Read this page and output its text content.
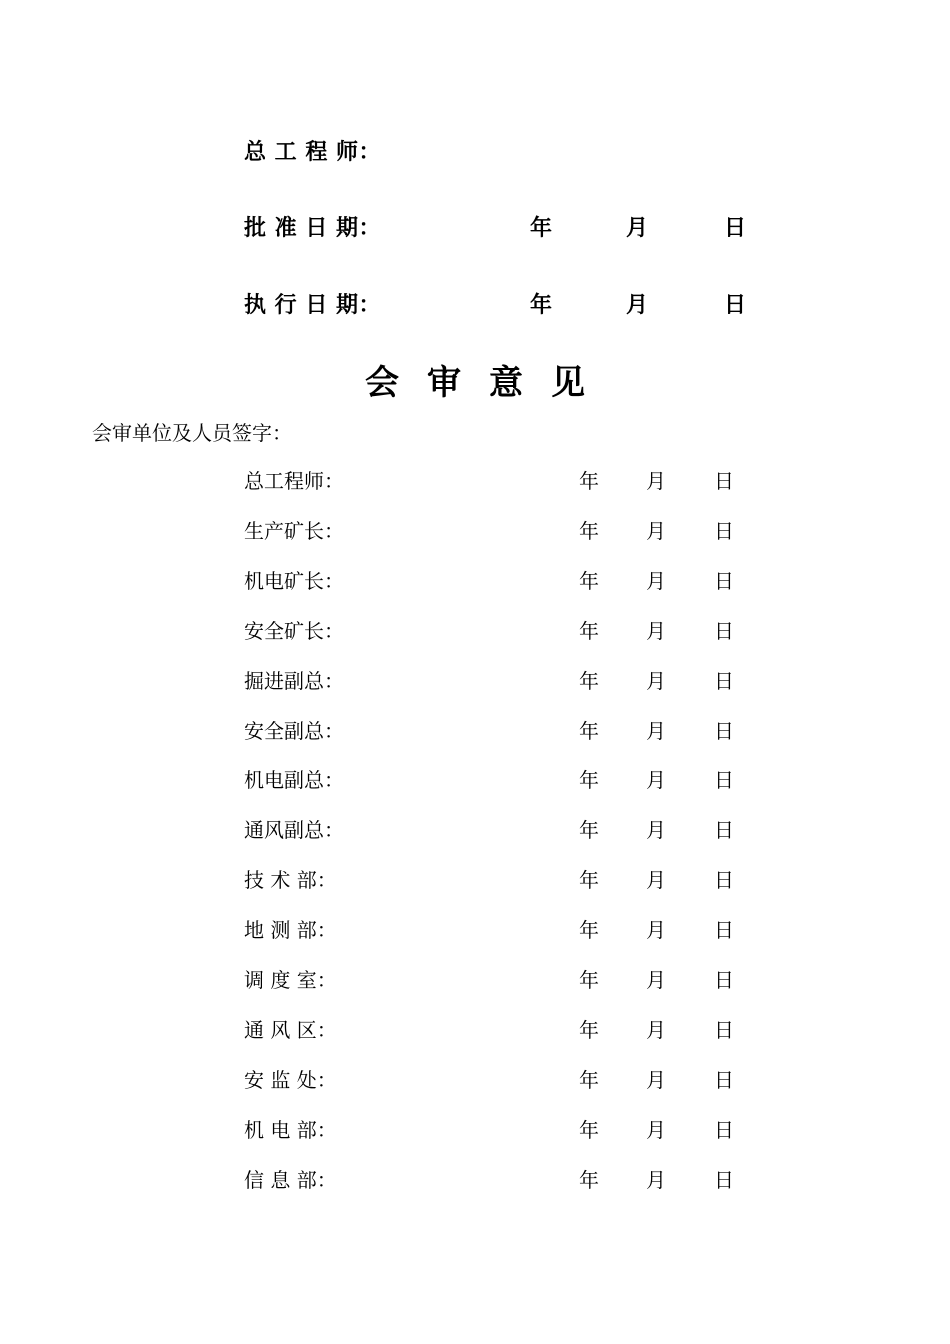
总 工 程 师：
批 准 日 期：	年	月	日
执 行 日 期：	年	月	日
会审意见
会审单位及人员签字：
总工程师：	年 月 日
生产矿长：	年 月 日
机电矿长：	年 月 日
安全矿长：	年 月 日
掘进副总：	年 月 日
安全副总：	年 月 日
机电副总：	年 月 日
通风副总：	年 月 日
技 术 部：	年 月 日
地 测 部：	年 月 日
调 度 室：	年 月 日
通 风 区：	年 月 日
安 监 处：	年 月 日
机 电 部：	年 月 日
信 息 部：	年 月 日
